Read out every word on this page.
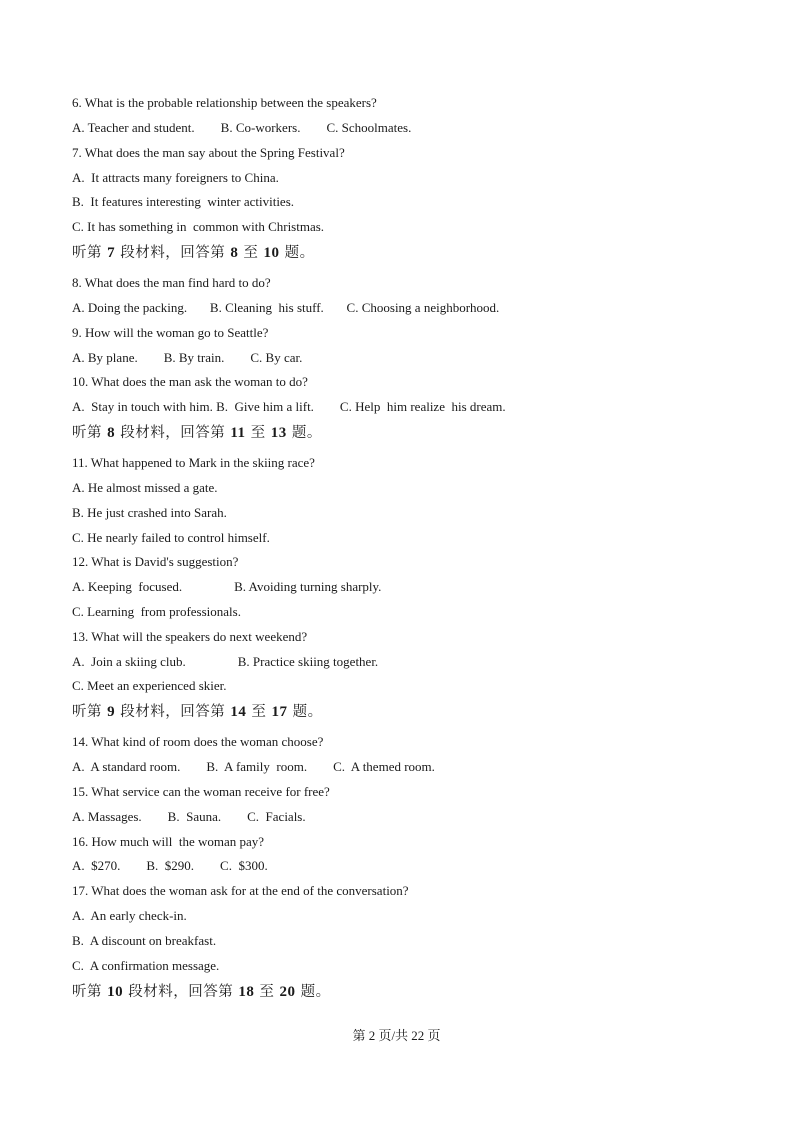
6. What is the probable relationship between the speakers?
A. Teacher and student.        B. Co-workers.        C. Schoolmates.
7. What does the man say about the Spring Festival?
A.  It attracts many foreigners to China.
B.  It features interesting  winter activities.
C. It has something in  common with Christmas.
听第 7 段材料，回答第 8 至 10 题。
8. What does the man find hard to do?
A. Doing the packing.       B. Cleaning  his stuff.       C. Choosing a neighborhood.
9. How will the woman go to Seattle?
A. By plane.        B. By train.        C. By car.
10. What does the man ask the woman to do?
A.  Stay in touch with him. B.  Give him a lift.        C. Help  him realize  his dream.
听第 8 段材料，回答第 11 至 13 题。
11. What happened to Mark in the skiing race?
A. He almost missed a gate.
B. He just crashed into Sarah.
C. He nearly failed to control himself.
12. What is David's suggestion?
A. Keeping  focused.                B. Avoiding turning sharply.
C. Learning  from professionals.
13. What will the speakers do next weekend?
A.  Join a skiing club.                B. Practice skiing together.
C. Meet an experienced skier.
听第 9 段材料，回答第 14 至 17 题。
14. What kind of room does the woman choose?
A.  A standard room.        B.  A family  room.        C.  A themed room.
15. What service can the woman receive for free?
A. Massages.        B.  Sauna.        C.  Facials.
16. How much will  the woman pay?
A.  $270.        B.  $290.        C.  $300.
17. What does the woman ask for at the end of the conversation?
A.  An early check-in.
B.  A discount on breakfast.
C.  A confirmation message.
听第 10 段材料，回答第 18 至 20 题。
第 2 页/共 22 页
